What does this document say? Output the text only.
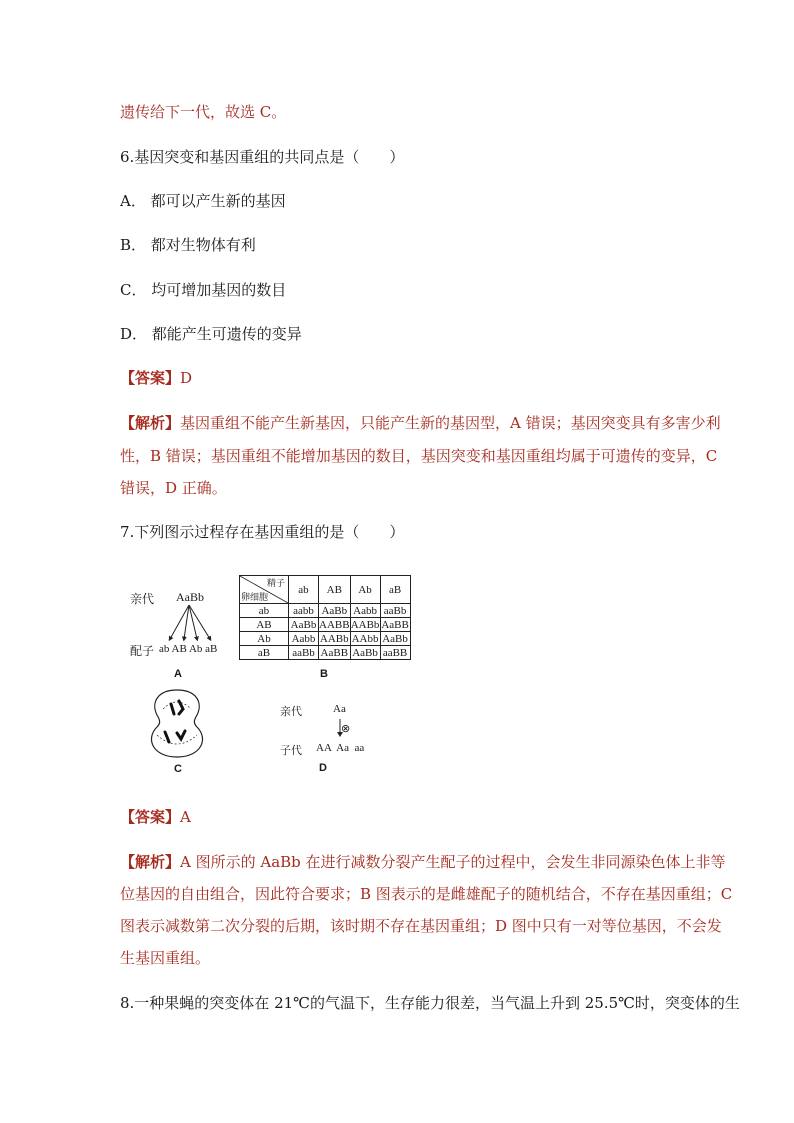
遗传给下一代，故选 C。
6.基因突变和基因重组的共同点是（　　）
A． 都可以产生新的基因
B． 都对生物体有利
C． 均可增加基因的数目
D． 都能产生可遗传的变异
【答案】D
【解析】基因重组不能产生新基因，只能产生新的基因型，A 错误；基因突变具有多害少利
性，B 错误；基因重组不能增加基因的数目，基因突变和基因重组均属于可遗传的变异，C
错误，D 正确。
7.下列图示过程存在基因重组的是（　　）
亲代 AaBb
配子 ab AB Ab aB
A
精子
卵细胞	ab	AB	Ab	aB
ab	aabb	AaBb	Aabb	aaBb
AB	AaBb	AABB	AABb	AaBB
Ab	Aabb	AABb	AAbb	AaBb
aB	aaBb	AaBB	AaBb	aaBB
B
C
亲代	Aa
⊗
子代 AA  Aa  aa
D
【答案】A
【解析】A 图所示的 AaBb 在进行减数分裂产生配子的过程中，会发生非同源染色体上非等
位基因的自由组合，因此符合要求；B 图表示的是雌雄配子的随机结合，不存在基因重组；C
图表示减数第二次分裂的后期，该时期不存在基因重组；D 图中只有一对等位基因，不会发
生基因重组。
8.一种果蝇的突变体在 21℃的气温下，生存能力很差，当气温上升到 25.5℃时，突变体的生
